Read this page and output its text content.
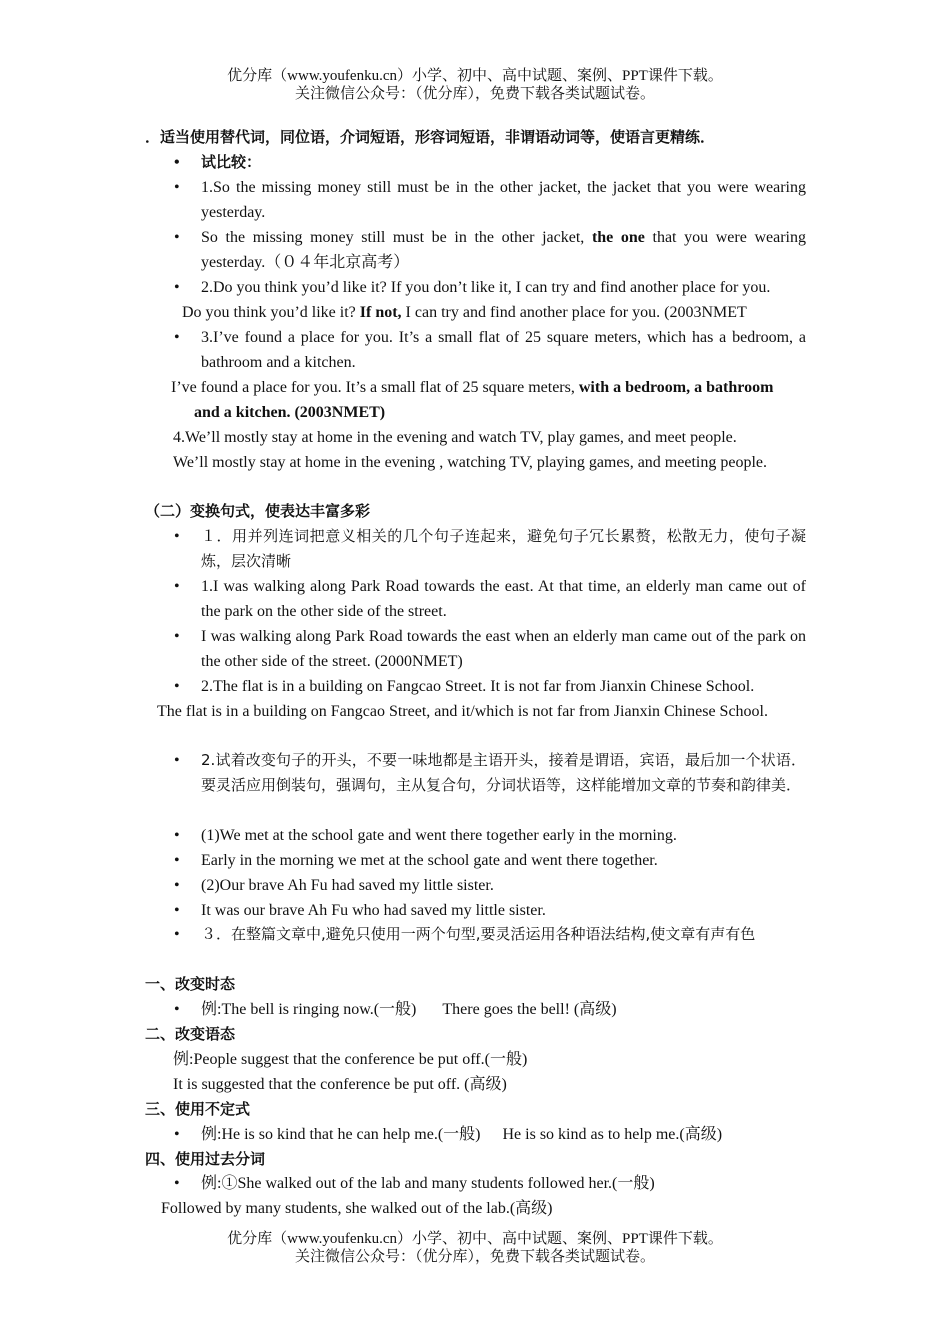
优分库（www.youfenku.cn）小学、初中、高中试题、案例、PPT课件下载。
关注微信公众号：（优分库），免费下载各类试题试卷。
．适当使用替代词，同位语，介词短语，形容词短语，非谓语动词等，使语言更精练．
• 试比较：
• 1.So the missing money still must be in the other jacket, the jacket that you were wearing yesterday.
• So the missing money still must be in the other jacket, the one that you were wearing yesterday.（０４年北京高考）
• 2.Do you think you’d like it? If you don’t like it, I can try and find another place for you.
Do you think you’d like it? If not, I can try and find another place for you. (2003NMET
• 3.I’ve found a place for you. It’s a small flat of 25 square meters, which has a bedroom, a bathroom and a kitchen.
I’ve found a place for you. It’s a small flat of 25 square meters, with a bedroom, a bathroom
and a kitchen. (2003NMET)
4.We’ll mostly stay at home in the evening and watch TV, play games, and meet people.
We’ll mostly stay at home in the evening , watching TV, playing games, and meeting people.
（二）变换句式，使表达丰富多彩
• １．用并列连词把意义相关的几个句子连起来，避免句子冗长累赘，松散无力，使句子凝炼，层次清晰
• 1.I was walking along Park Road towards the east. At that time, an elderly man came out of the park on the other side of the street.
• I was walking along Park Road towards the east when an elderly man came out of the park on the other side of the street. (2000NMET)
• 2.The flat is in a building on Fangcao Street. It is not far from Jianxin Chinese School.
The flat is in a building on Fangcao Street, and it/which is not far from Jianxin Chinese School.
• 2.试着改变句子的开头，不要一味地都是主语开头，接着是谓语，宾语，最后加一个状语．要灵活应用倒装句，强调句，主从复合句，分词状语等，这样能增加文章的节奏和韵律美．
• (1)We met at the school gate and went there together early in the morning.
• Early in the morning we met at the school gate and went there together.
• (2)Our brave Ah Fu had saved my little sister.
• It was our brave Ah Fu who had saved my little sister.
• ３．在整篇文章中,避免只使用一两个句型,要灵活运用各种语法结构,使文章有声有色
一、改变时态
• 例:The bell is ringing now.(一般) There goes the bell! (高级)
二、改变语态
例:People suggest that the conference be put off.(一般)
It is suggested that the conference be put off. (高级)
三、使用不定式
• 例:He is so kind that he can help me.(一般) He is so kind as to help me.(高级)
四、使用过去分词
• 例:①She walked out of the lab and many students followed her.(一般)
Followed by many students, she walked out of the lab.(高级)
优分库（www.youfenku.cn）小学、初中、高中试题、案例、PPT课件下载。
关注微信公众号：（优分库），免费下载各类试题试卷。
